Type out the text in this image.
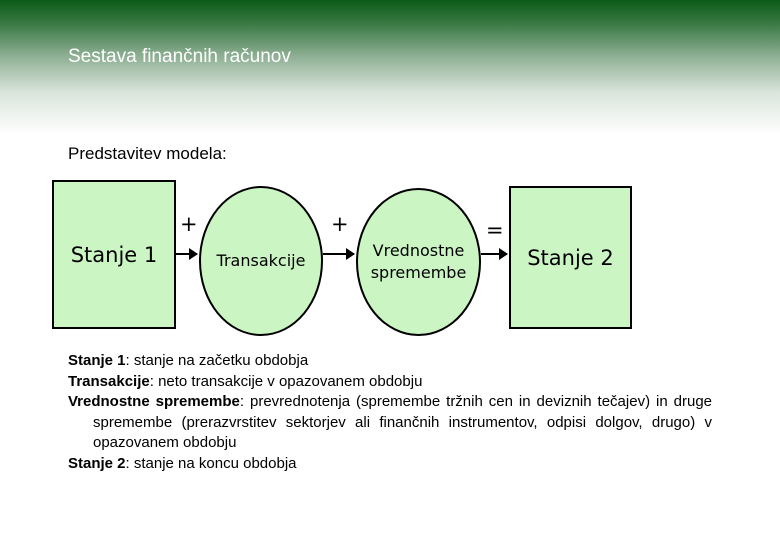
Sestava finančnih računov
Predstavitev modela:
Stanje 1
+
Transakcije
+
Vrednostne
spremembe
=
Stanje 2

Stanje 1: stanje na začetku obdobja

Transakcije: neto transakcije v opazovanem obdobju

Vrednostne spremembe: prevrednotenja (spremembe tržnih cen in deviznih tečajev) in druge spremembe (prerazvrstitev sektorjev ali finančnih instrumentov, odpisi dolgov, drugo) v opazovanem obdobju

Stanje 2: stanje na koncu obdobja
